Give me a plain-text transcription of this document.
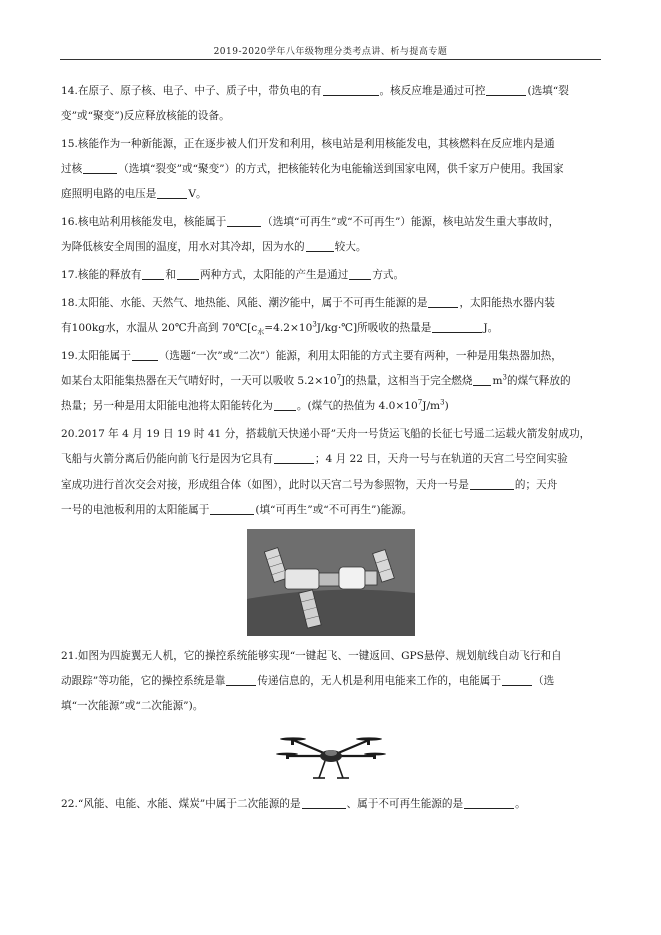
2019-2020学年八年级物理分类考点讲、析与提高专题

14.在原子、原子核、电子、中子、质子中，带负电的有	。核反应堆是通过可控	(选填“裂

变”或“聚变”)反应释放核能的设备。

15.核能作为一种新能源，正在逐步被人们开发和利用，核电站是利用核能发电，其核燃料在反应堆内是通

过核	（选填“裂变”或“聚变”）的方式，把核能转化为电能输送到国家电网，供千家万户使用。我国家

庭照明电路的电压是	V。

16.核电站利用核能发电，核能属于	（选填“可再生”或“不可再生”）能源，核电站发生重大事故时，

为降低核安全周围的温度，用水对其冷却，因为水的	较大。

17.核能的释放有 和 两种方式，太阳能的产生是通过 方式。

18.太阳能、水能、天然气、地热能、风能、潮汐能中，属于不可再生能源的是	，太阳能热水器内装

有100kg水，水温从 20℃升高到 $70℃[c_水=4.2\times 10^3J/kg\cdot℃]$所吸收的热量是	J。

19.太阳能属于	（选题“一次”或“二次”）能源，利用太阳能的方式主要有两种，一种是用集热器加热，

如某台太阳能集热器在天气晴好时，一天可以吸收 $5.2\times 10^7J$的热量，这相当于完全燃烧 $m^3$的煤气释放的

热量；另一种是用太阳能电池将太阳能转化为 。(煤气的热值为 $4.0\times 10^7J/m^3$)

20.2017 年 4 月 19 日 19 时 41 分，搭载航天快递小哥”天舟一号货运飞船的长征七号遥二运载火箭发射成功，

飞船与火箭分离后仍能向前飞行是因为它具有	；4 月 22 日，天舟一号与在轨道的天宫二号空间实验

室成功进行首次交会对接，形成组合体（如图），此时以天宫二号为参照物，天舟一号是	的；天舟

一号的电池板利用的太阳能属于	(填“可再生”或“不可再生”)能源。

21.如图为四旋翼无人机，它的操控系统能够实现“一键起飞、一键返回、GPS悬停、规划航线自动飞行和自

动跟踪”等功能，它的操控系统是靠	传递信息的，无人机是利用电能来工作的，电能属于	（选

填“一次能源”或“二次能源”)。

22.“风能、电能、水能、煤炭”中属于二次能源的是	、属于不可再生能源的是	。
